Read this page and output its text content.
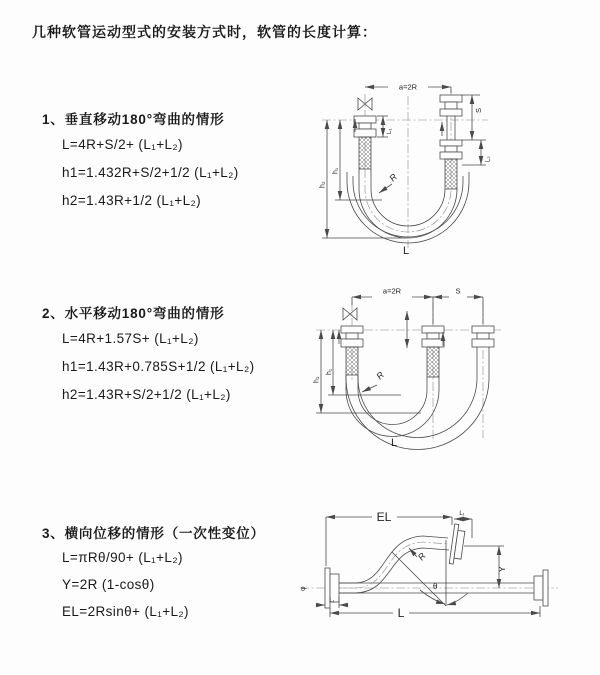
几种软管运动型式的安装方式时，软管的长度计算：
1、垂直移动180°弯曲的情形
L=4R+S/2+ (L₁+L₂)
h1=1.432R+S/2+1/2 (L₁+L₂)
h2=1.43R+1/2 (L₁+L₂)
2、水平移动180°弯曲的情形
L=4R+1.57S+ (L₁+L₂)
h1=1.43R+0.785S+1/2 (L₁+L₂)
h2=1.43R+S/2+1/2 (L₁+L₂)
3、横向位移的情形（一次性变位）
L=πRθ/90+ (L₁+L₂)
Y=2R (1-cosθ)
EL=2Rsinθ+ (L₁+L₂)
a=2R
h₂
h₁
S
L₂
L₁
R
L
a=2R	S
h₂
h₁	R
L
EL	L₁
Y
R
θ
L
L₁
φ
